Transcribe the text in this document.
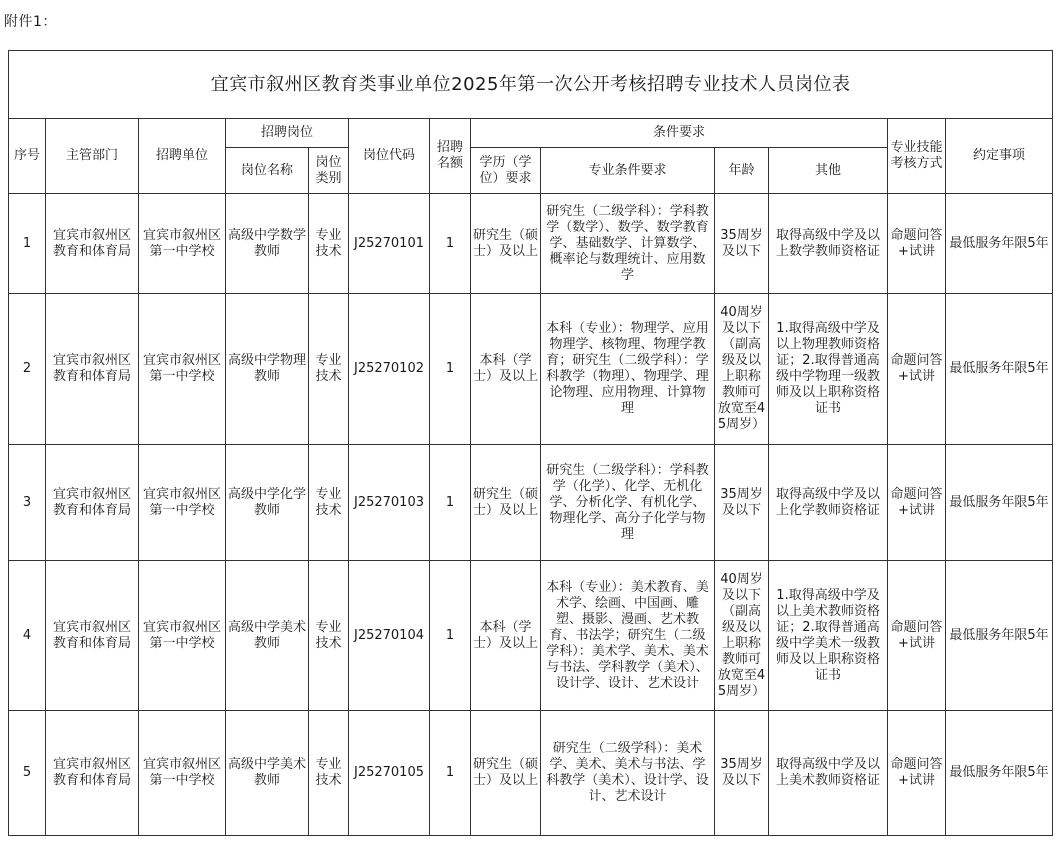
附件1：
宜宾市叙州区教育类事业单位2025年第一次公开考核招聘专业技术人员岗位表												
序号	主管部门	招聘单位	招聘岗位		岗位代码	招聘名额	条件要求				专业技能 考核方式	约定事项
			岗位名称	岗位类别			学历（学位）要求	专业条件要求	年龄	其他		
1	宜宾市叙州区教育和体育局	宜宾市叙州区第一中学校	高级中学数学教师	专业技术	J25270101	1	研究生（硕士）及以上	研究生（二级学科）：学科教学（数学）、数学、数学教育学、基础数学、计算数学、概率论与数理统计、应用数学	35周岁及以下	取得高级中学及以上数学教师资格证	命题问答+试讲	最低服务年限5年
2	宜宾市叙州区教育和体育局	宜宾市叙州区第一中学校	高级中学物理教师	专业技术	J25270102	1	本科（学士）及以上	本科（专业）：物理学、应用物理学、核物理、物理学教育；研究生（二级学科）：学科教学（物理）、物理学、理论物理、应用物理、计算物理	40周岁及以下（副高级及以上职称教师可放宽至45周岁）	1.取得高级中学及以上物理教师资格证；2.取得普通高级中学物理一级教师及以上职称资格证书	命题问答+试讲	最低服务年限5年
3	宜宾市叙州区教育和体育局	宜宾市叙州区第一中学校	高级中学化学教师	专业技术	J25270103	1	研究生（硕士）及以上	研究生（二级学科）：学科教学（化学）、化学、无机化学、分析化学、有机化学、物理化学、高分子化学与物理	35周岁及以下	取得高级中学及以上化学教师资格证	命题问答+试讲	最低服务年限5年
4	宜宾市叙州区教育和体育局	宜宾市叙州区第一中学校	高级中学美术教师	专业技术	J25270104	1	本科（学士）及以上	本科（专业）：美术教育、美术学、绘画、中国画、雕塑、摄影、漫画、艺术教育、书法学；研究生（二级学科）：美术学、美术、美术与书法、学科教学（美术）、设计学、设计、艺术设计	40周岁及以下（副高级及以上职称教师可放宽至45周岁）	1.取得高级中学及以上美术教师资格证；2.取得普通高级中学美术一级教师及以上职称资格证书	命题问答+试讲	最低服务年限5年
5	宜宾市叙州区教育和体育局	宜宾市叙州区第一中学校	高级中学美术教师	专业技术	J25270105	1	研究生（硕士）及以上	研究生（二级学科）：美术学、美术、美术与书法、学科教学（美术）、设计学、设计、艺术设计	35周岁及以下	取得高级中学及以上美术教师资格证	命题问答+试讲	最低服务年限5年
